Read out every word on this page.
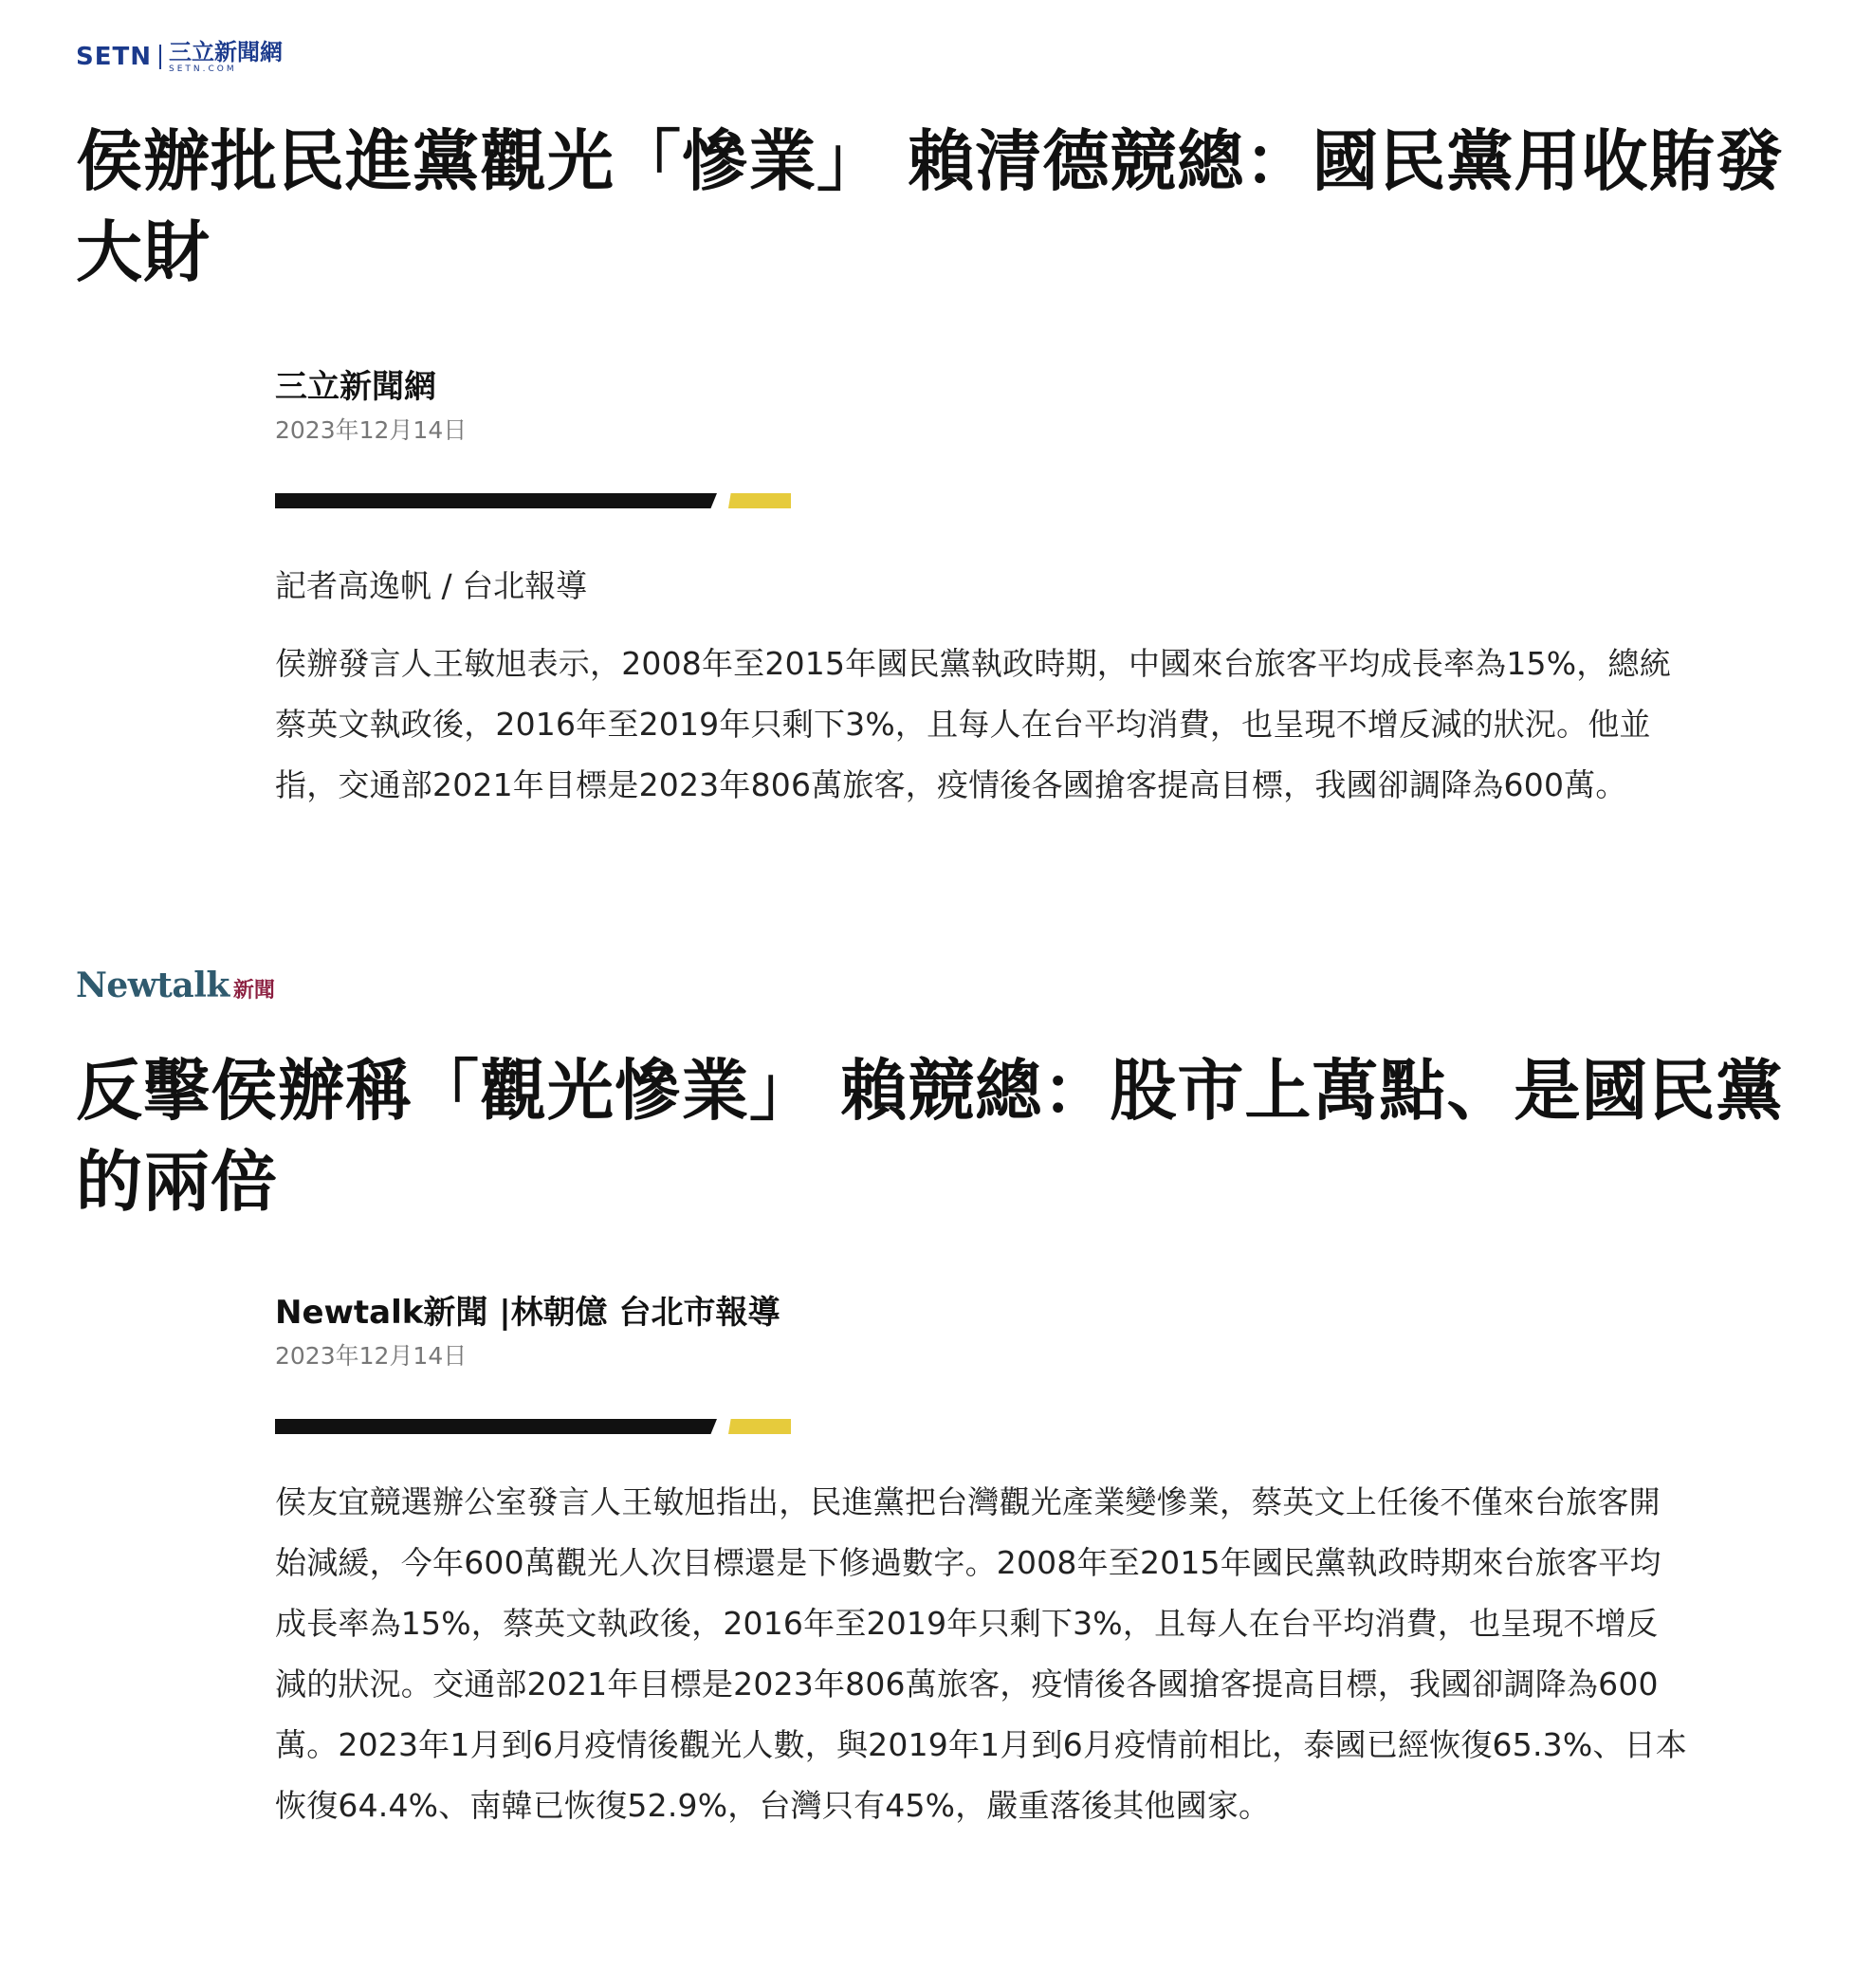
SETN 三立新聞網
SETN.COM
侯辦批民進黨觀光「慘業」 賴清德競總：國民黨用收賄發大財
三立新聞網
2023年12月14日
記者高逸帆 / 台北報導

侯辦發言人王敏旭表示，2008年至2015年國民黨執政時期，中國來台旅客平均成長率為15%，總統蔡英文執政後，2016年至2019年只剩下3%，且每人在台平均消費，也呈現不增反減的狀況。他並指，交通部2021年目標是2023年806萬旅客，疫情後各國搶客提高目標，我國卻調降為600萬。

Newtalk 新聞
反擊侯辦稱「觀光慘業」 賴競總：股市上萬點、是國民黨的兩倍
Newtalk新聞 |林朝億 台北市報導
2023年12月14日

侯友宜競選辦公室發言人王敏旭指出，民進黨把台灣觀光產業變慘業，蔡英文上任後不僅來台旅客開始減緩，今年600萬觀光人次目標還是下修過數字。2008年至2015年國民黨執政時期來台旅客平均成長率為15%，蔡英文執政後，2016年至2019年只剩下3%，且每人在台平均消費，也呈現不增反減的狀況。交通部2021年目標是2023年806萬旅客，疫情後各國搶客提高目標，我國卻調降為600萬。2023年1月到6月疫情後觀光人數，與2019年1月到6月疫情前相比，泰國已經恢復65.3%、日本恢復64.4%、南韓已恢復52.9%，台灣只有45%，嚴重落後其他國家。
